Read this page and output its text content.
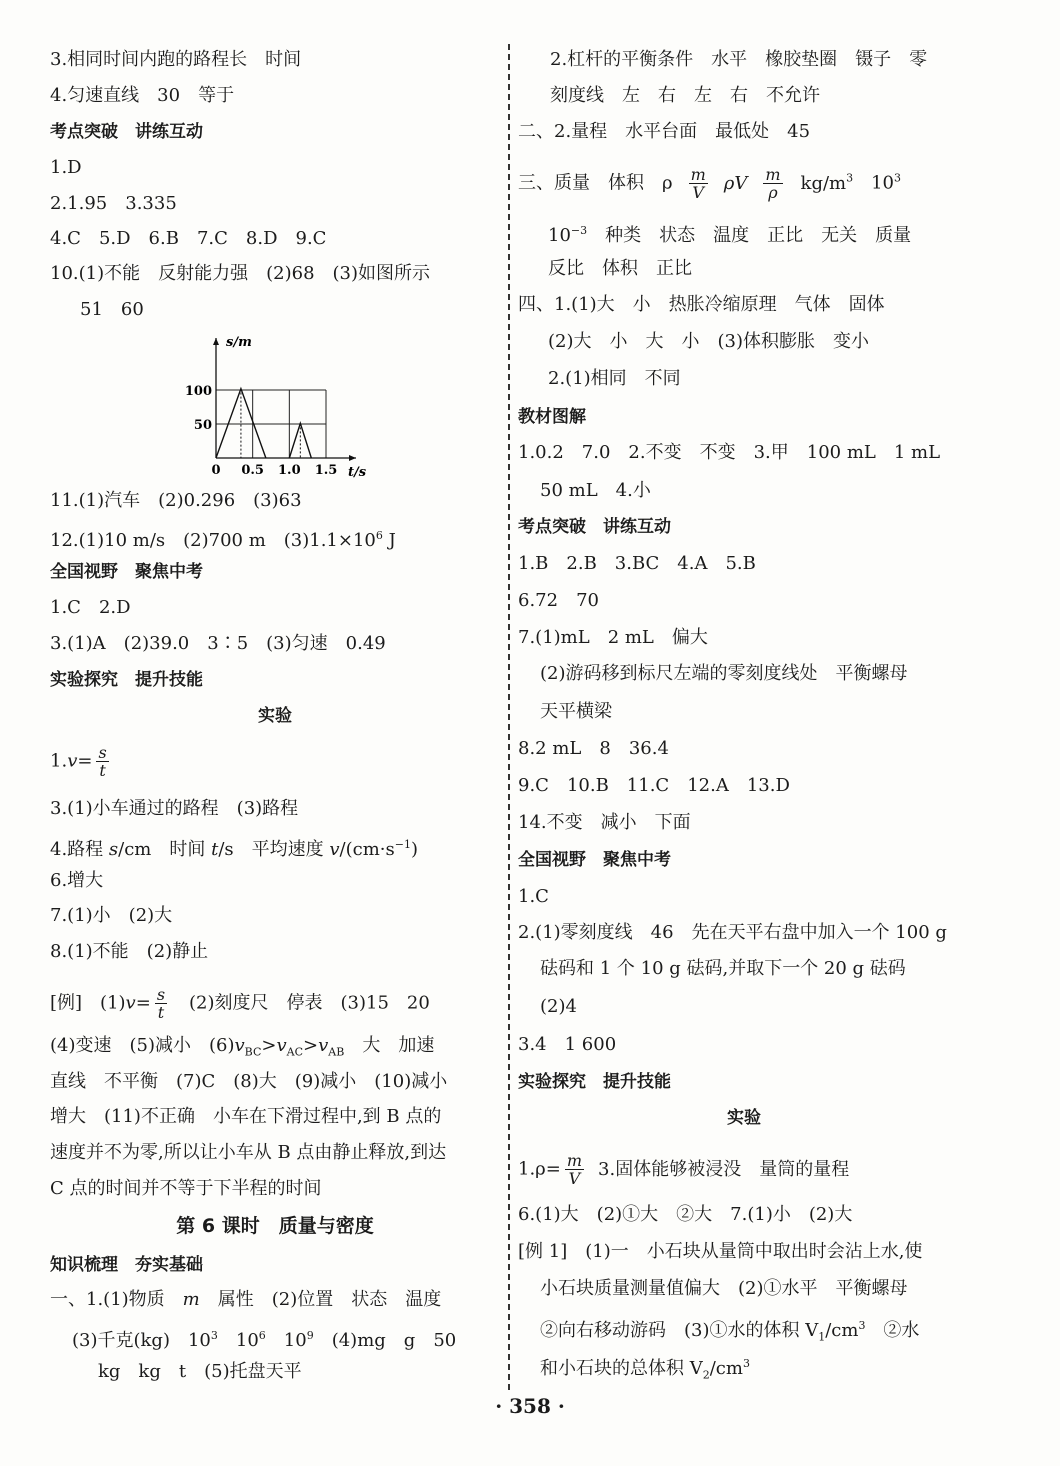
3.相同时间内跑的路程长　时间
4.匀速直线　30　等于
考点突破　讲练互动
1.D
2.1.95　3.335
4.C　5.D　6.B　7.C　8.D　9.C
10.(1)不能　反射能力强　(2)68　(3)如图所示
51　60
11.(1)汽车　(2)0.296　(3)63
12.(1)10 m/s　(2)700 m　$(3)1.1\times 10^6$ J
全国视野　聚焦中考
1.C　2.D
3.(1)A　(2)39.0　3∶5　(3)匀速　0.49
实验探究　提升技能
实验
$1.v= \frac{s}{t}$
3.(1)小车通过的路程　(3)路程
4.路程 s/cm　时间 t/s　平均速度 $v/(cm\cdot s^{-1})$
6.增大
7.(1)小　(2)大
8.(1)不能　(2)静止
[例]　$(1)v= \frac{s}{t}$ 　(2)刻度尺　停表　(3)15　20
(4)变速　(5)减小　$(6)v_{BC}>v_{AC}>v_{AB}$　大　加速
直线　不平衡　(7)C　(8)大　(9)减小　(10)减小
增大　(11)不正确　小车在下滑过程中,到 B 点的
速度并不为零,所以让小车从 B 点由静止释放,到达
C 点的时间并不等于下半程的时间
第 6 课时　质量与密度
知识梳理　夯实基础
一、1.(1)物质　m　属性　(2)位置　状态　温度
(3)千克(kg)　$10^3$　$10^6$　$10^9$　(4)mg　g　50
kg　kg　t　(5)托盘天平
s/m
t/s
0 0.5 1.0 1.5
50
100
2.杠杆的平衡条件　水平　橡胶垫圈　镊子　零
刻度线　左　右　左　右　不允许
二、2.量程　水平台面　最低处　45
三、质量　体积　ρ $\frac{m}{V}$ ρV $\frac{m}{\rho} kg/m^3$　$10^3$
$10^{-3}$　种类　状态　温度　正比　无关　质量
反比　体积　正比
四、1.(1)大　小　热胀冷缩原理　气体　固体
(2)大　小　大　小　(3)体积膨胀　变小
2.(1)相同　不同
教材图解
1.0.2　7.0　2.不变　不变　3.甲　100 mL　1 mL
50 mL　4.小
考点突破　讲练互动
1.B　2.B　3.BC　4.A　5.B
6.72　70
7.(1)mL　2 mL　偏大
(2)游码移到标尺左端的零刻度线处　平衡螺母
天平横梁
8.2 mL　8　36.4
9.C　10.B　11.C　12.A　13.D
14.不变　减小　下面
全国视野　聚焦中考
1.C
2.(1)零刻度线　46　先在天平右盘中加入一个 100 g
砝码和 1 个 10 g 砝码,并取下一个 20 g 砝码
(2)4
3.4　1 600
实验探究　提升技能
实验
$1.\rho= \frac{m}{V} 3$.固体能够被浸没　量筒的量程
6.(1)大　(2)①大　②大　7.(1)小　(2)大
[例 1]　(1)一　小石块从量筒中取出时会沾上水,使
小石块质量测量值偏大　(2)①水平　平衡螺母
②向右移动游码　(3)①水的体积 $V_1/cm^3$　②水
和小石块的总体积 $V_2/cm^3$
· 358 ·
